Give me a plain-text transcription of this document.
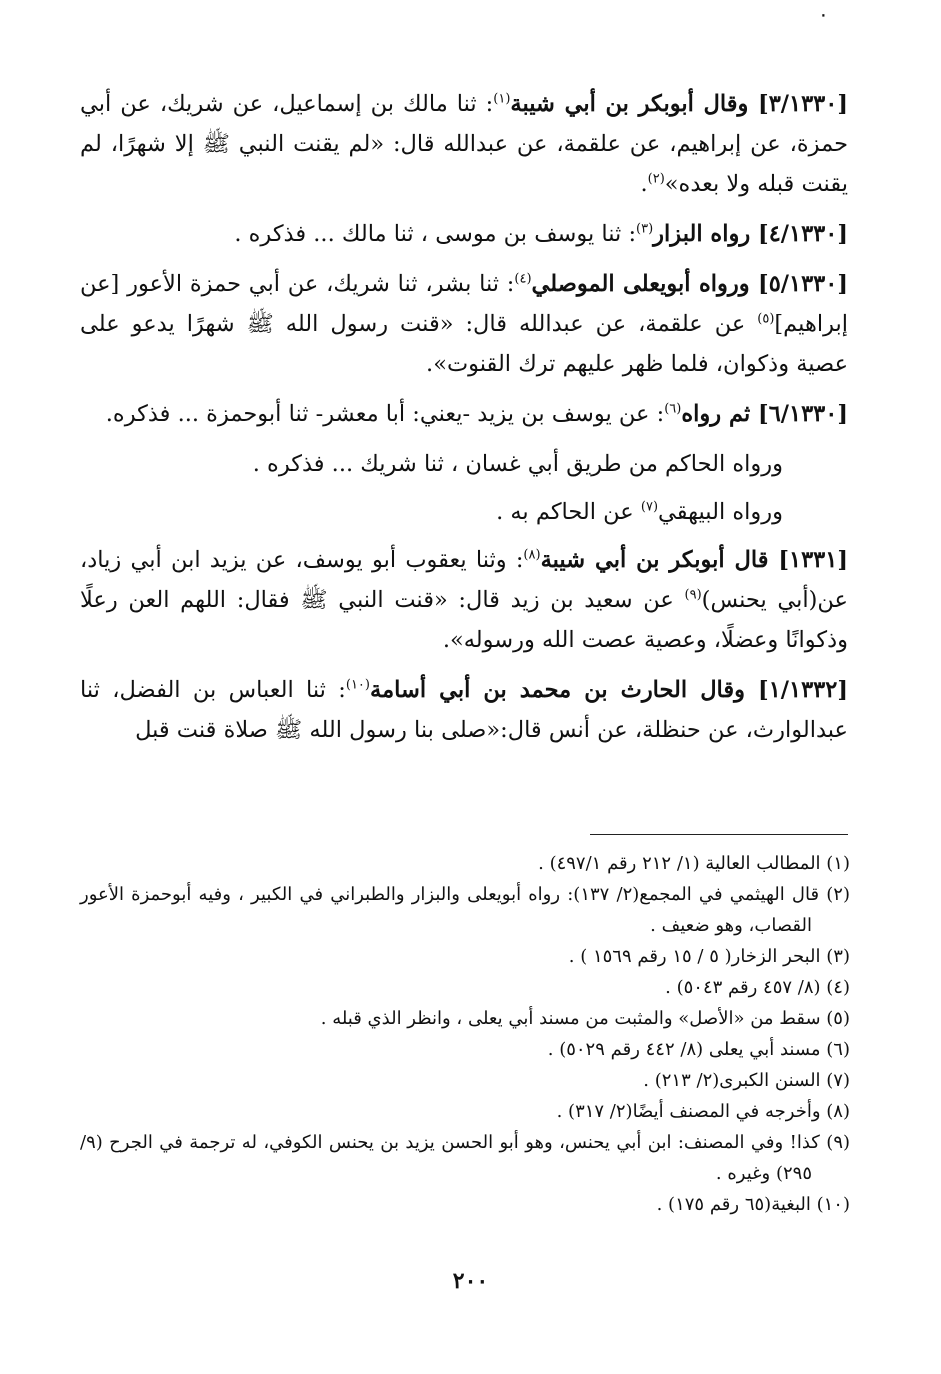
٠

[٣/١٣٣٠] وقال أبوبكر بن أبي شيبة$^{(١)}$: ثنا مالك بن إسماعيل، عن شريك، عن أبي حمزة، عن إبراهيم، عن علقمة، عن عبدالله قال: «لم يقنت النبي ﷺ إلا شهرًا، لم يقنت قبله ولا بعده»$^{(٢)}$.

[٤/١٣٣٠] رواه البزار$^{(٣)}$: ثنا يوسف بن موسى ، ثنا مالك ... فذكره .

[٥/١٣٣٠] ورواه أبويعلى الموصلي$^{(٤)}$: ثنا بشر، ثنا شريك، عن أبي حمزة الأعور [عن إبراهيم]$^{(٥)}$ عن علقمة، عن عبدالله قال: «قنت رسول الله ﷺ شهرًا يدعو على عصية وذكوان، فلما ظهر عليهم ترك القنوت».

[٦/١٣٣٠] ثم رواه$^{(٦)}$: عن يوسف بن يزيد -يعني: أبا معشر- ثنا أبوحمزة ... فذكره.

ورواه الحاكم من طريق أبي غسان ، ثنا شريك ... فذكره .

ورواه البيهقي$^{(٧)}$ عن الحاكم به .

[١٣٣١] قال أبوبكر بن أبي شيبة$^{(٨)}$: وثنا يعقوب أبو يوسف، عن يزيد ابن أبي زياد، عن(أبي يحنس)$^{(٩)}$ عن سعيد بن زيد قال: «قنت النبي ﷺ فقال: اللهم العن رعلًا وذكوانًا وعضلًا، وعصية عصت الله ورسوله».

[١/١٣٣٢] وقال الحارث بن محمد بن أبي أسامة$^{(١٠)}$: ثنا العباس بن الفضل، ثنا عبدالوارث، عن حنظلة، عن أنس قال:«صلى بنا رسول الله ﷺ صلاة قنت قبل

(١) المطالب العالية (١/ ٢١٢ رقم ٤٩٧/١) .

(٢) قال الهيثمي في المجمع(٢/ ١٣٧): رواه أبويعلى والبزار والطبراني في الكبير ، وفيه أبوحمزة الأعور القصاب، وهو ضعيف .

(٣) البحر الزخار( ٥ / ١٥ رقم ١٥٦٩ ) .

(٤) (٨/ ٤٥٧ رقم ٥٠٤٣) .

(٥) سقط من «الأصل» والمثبت من مسند أبي يعلى ، وانظر الذي قبله .

(٦) مسند أبي يعلى (٨/ ٤٤٢ رقم ٥٠٢٩) .

(٧) السنن الكبرى(٢/ ٢١٣) .

(٨) وأخرجه في المصنف أيضًا(٢/ ٣١٧) .

(٩) كذا! وفي المصنف: ابن أبي يحنس، وهو أبو الحسن يزيد بن يحنس الكوفي، له ترجمة في الجرح (٩/ ٢٩٥) وغيره .

(١٠) البغية(٦٥ رقم ١٧٥) .

٢٠٠
